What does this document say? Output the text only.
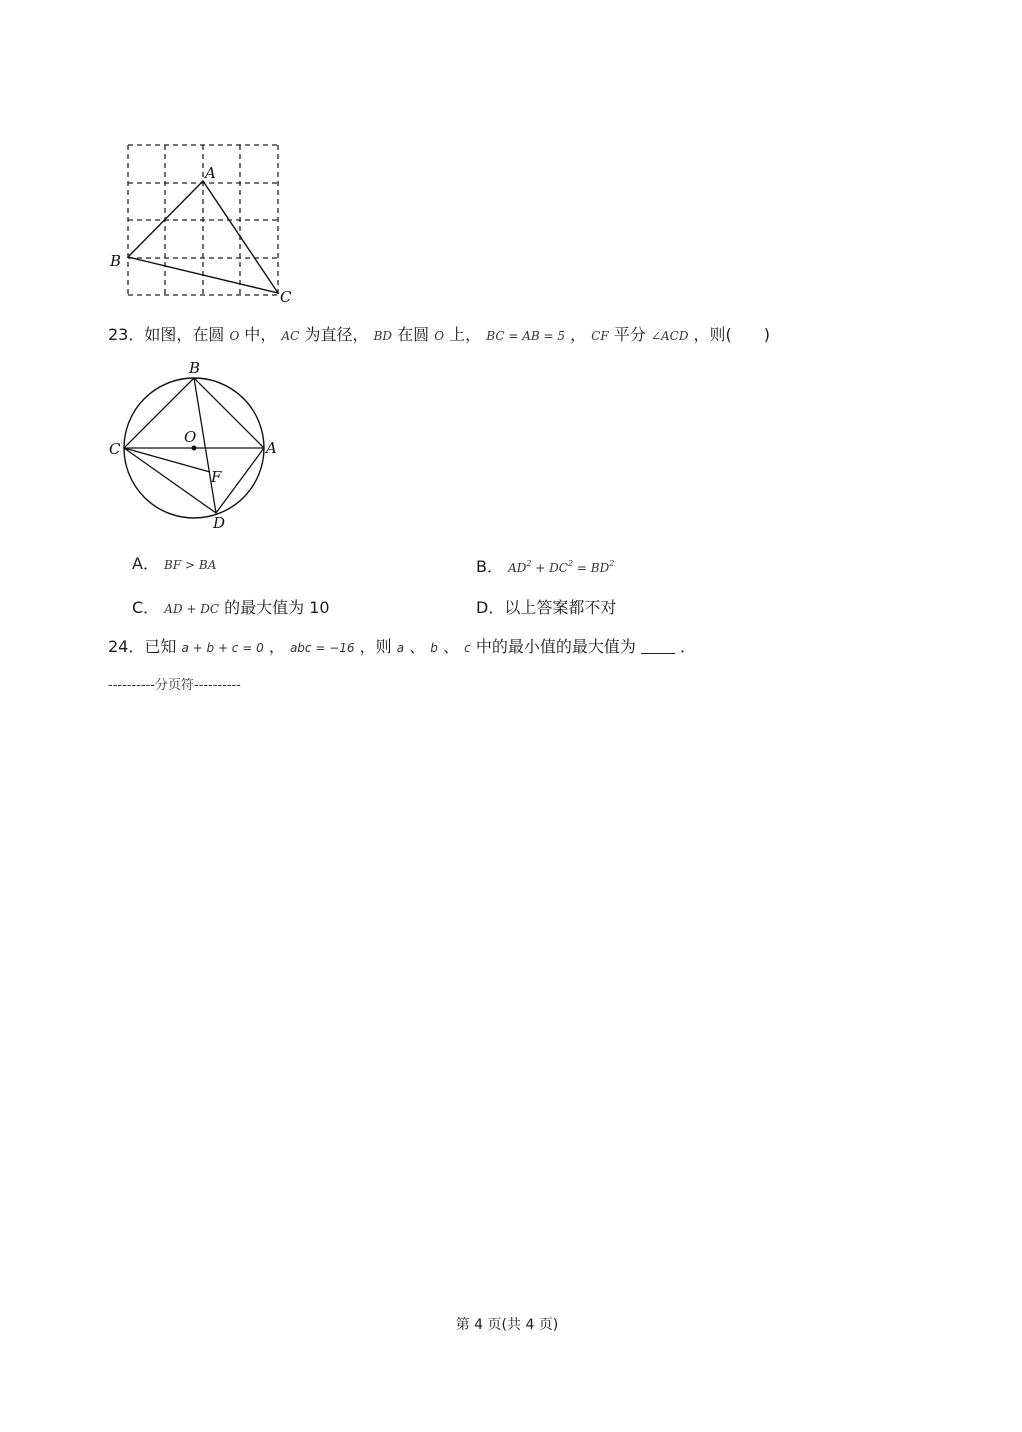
A
B
C
23．如图，在圆 O 中， AC 为直径， BD 在圆 O 上， BC = AB = 5 ， CF 平分 ∠ACD ，则(　　)
B
O
C	A
F
D
A． BF > BA	B． $AD^2 + DC^2 = BD^2$
C． AD + DC 的最大值为 10	D．以上答案都不对
24．已知 a + b + c = 0 ， abc = −16 ，则 a 、 b 、 c 中的最小值的最大值为	．
----------分页符----------
第 4 页(共 4 页)
